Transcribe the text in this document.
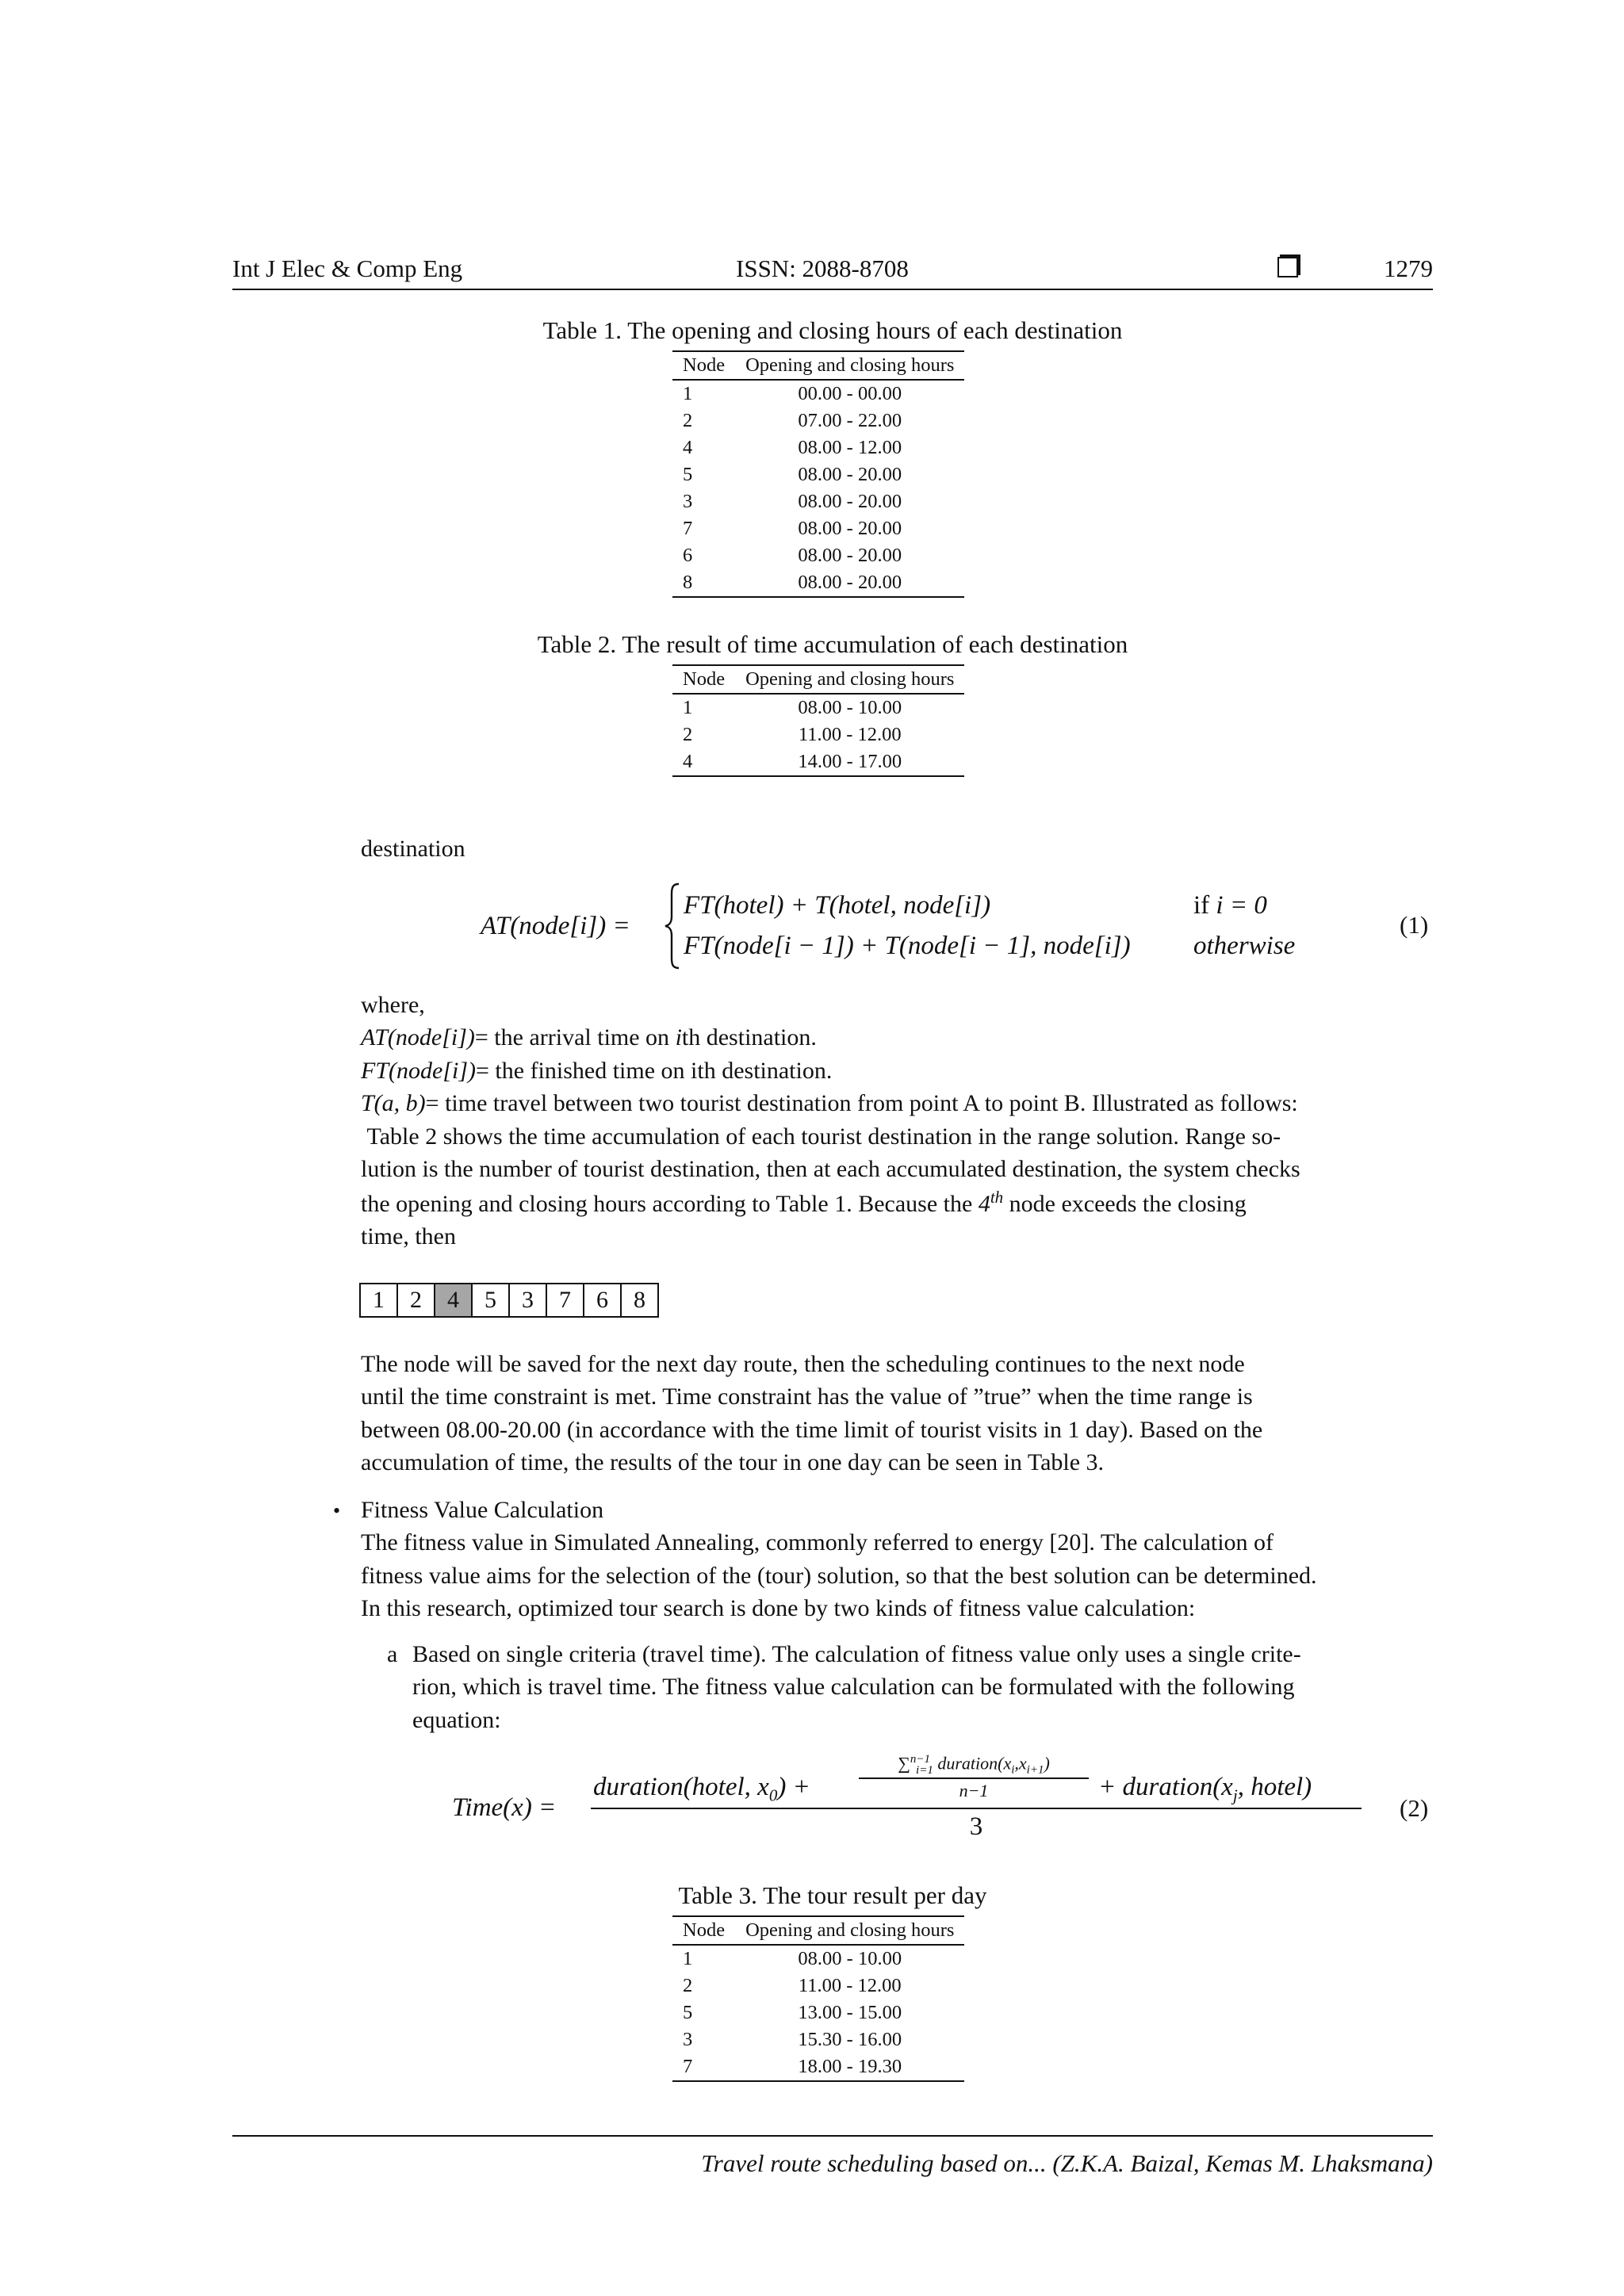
Int J Elec & Comp Eng	ISSN: 2088-8708	1279
Table 1. The opening and closing hours of each destination
Node	Opening and closing hours
1	00.00 - 00.00
2	07.00 - 22.00
4	08.00 - 12.00
5	08.00 - 20.00
3	08.00 - 20.00
7	08.00 - 20.00
6	08.00 - 20.00
8	08.00 - 20.00
Table 2. The result of time accumulation of each destination
Node	Opening and closing hours
1	08.00 - 10.00
2	11.00 - 12.00
4	14.00 - 17.00
destination
AT(node[i]) =
FT(hotel) + T(hotel, node[i])	if i = 0
FT(node[i − 1]) + T(node[i − 1], node[i]) otherwise
(1)
where,
AT(node[i])= the arrival time on ith destination.
FT(node[i])= the finished time on ith destination.
T(a, b)= time travel between two tourist destination from point A to point B. Illustrated as follows:

Table 2 shows the time accumulation of each tourist destination in the range solution. Range so-

lution is the number of tourist destination, then at each accumulated destination, the system checks

the opening and closing hours according to Table 1. Because the 4th node exceeds the closing

time, then

1	2	4	5	3	7	6	8

The node will be saved for the next day route, then the scheduling continues to the next node

until the time constraint is met. Time constraint has the value of ”true” when the time range is

between 08.00-20.00 (in accordance with the time limit of tourist visits in 1 day). Based on the

accumulation of time, the results of the tour in one day can be seen in Table 3.

• Fitness Value Calculation

The fitness value in Simulated Annealing, commonly referred to energy [20]. The calculation of

fitness value aims for the selection of the (tour) solution, so that the best solution can be determined.

In this research, optimized tour search is done by two kinds of fitness value calculation:

a Based on single criteria (travel time). The calculation of fitness value only uses a single crite-

rion, which is travel time. The fitness value calculation can be formulated with the following

equation:

Time(x) =
duration(hotel, $x_0$) +
∑$^{n-1}_{i=1}$ $duration(x_i,x_{i+1})$
n−1	+ $duration(x_j$, hotel)
3
(2)
Table 3. The tour result per day
Node	Opening and closing hours
1	08.00 - 10.00
2	11.00 - 12.00
5	13.00 - 15.00
3	15.30 - 16.00
7	18.00 - 19.30
Travel route scheduling based on... (Z.K.A. Baizal, Kemas M. Lhaksmana)
